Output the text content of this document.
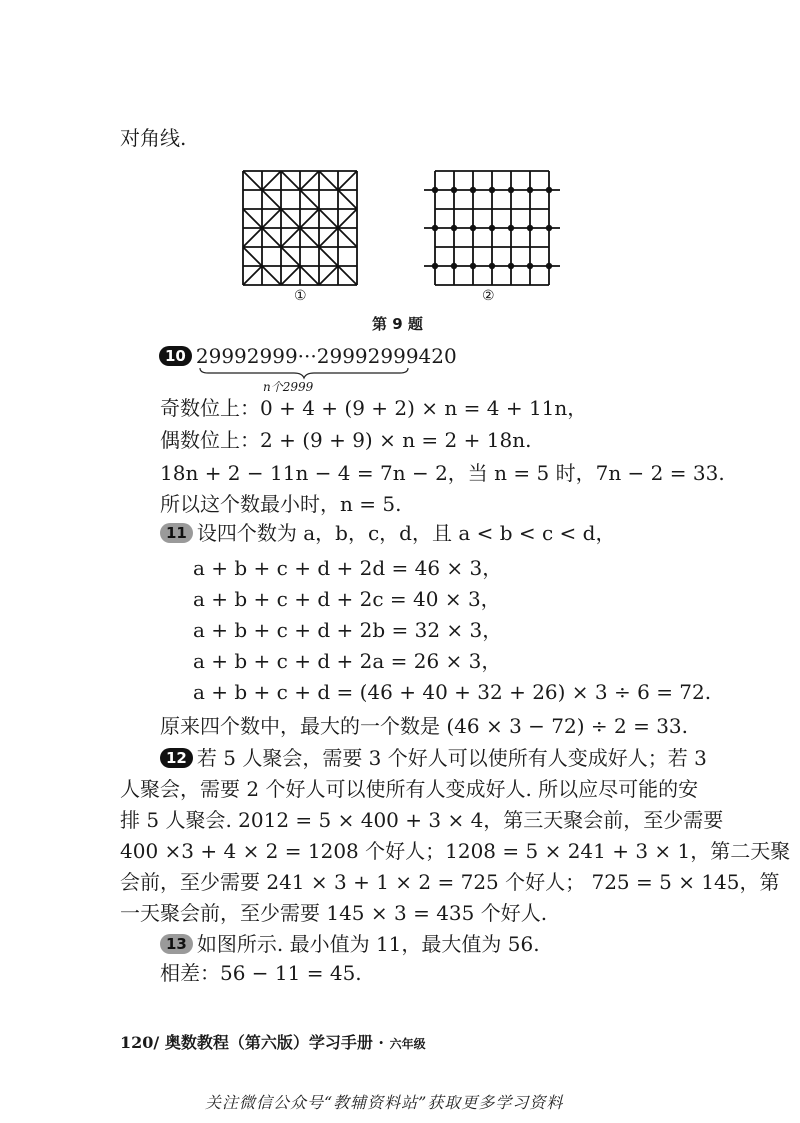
对角线.
①	②
第 9 题
10 29992999···29992999420
n个2999
奇数位上：0 + 4 + (9 + 2) × n = 4 + 11n，
偶数位上：2 + (9 + 9) × n = 2 + 18n.
18n + 2 − 11n − 4 = 7n − 2，当 n = 5 时，7n − 2 = 33.
所以这个数最小时，n = 5.
11 设四个数为 a，b，c，d，且 a < b < c < d，
a + b + c + d + 2d = 46 × 3，
a + b + c + d + 2c = 40 × 3，
a + b + c + d + 2b = 32 × 3，
a + b + c + d + 2a = 26 × 3，
a + b + c + d = (46 + 40 + 32 + 26) × 3 ÷ 6 = 72.
原来四个数中，最大的一个数是 (46 × 3 − 72) ÷ 2 = 33.
12 若 5 人聚会，需要 3 个好人可以使所有人变成好人；若 3
人聚会，需要 2 个好人可以使所有人变成好人. 所以应尽可能的安
排 5 人聚会. 2012 = 5 × 400 + 3 × 4，第三天聚会前，至少需要
400 ×3 + 4 × 2 = 1208 个好人；1208 = 5 × 241 + 3 × 1，第二天聚
会前，至少需要 241 × 3 + 1 × 2 = 725 个好人； 725 = 5 × 145，第
一天聚会前，至少需要 145 × 3 = 435 个好人.
13 如图所示. 最小值为 11，最大值为 56.
相差：56 − 11 = 45.
120/ 奥数教程（第六版）学习手册 · 六年级
关注微信公众号“教辅资料站”获取更多学习资料
